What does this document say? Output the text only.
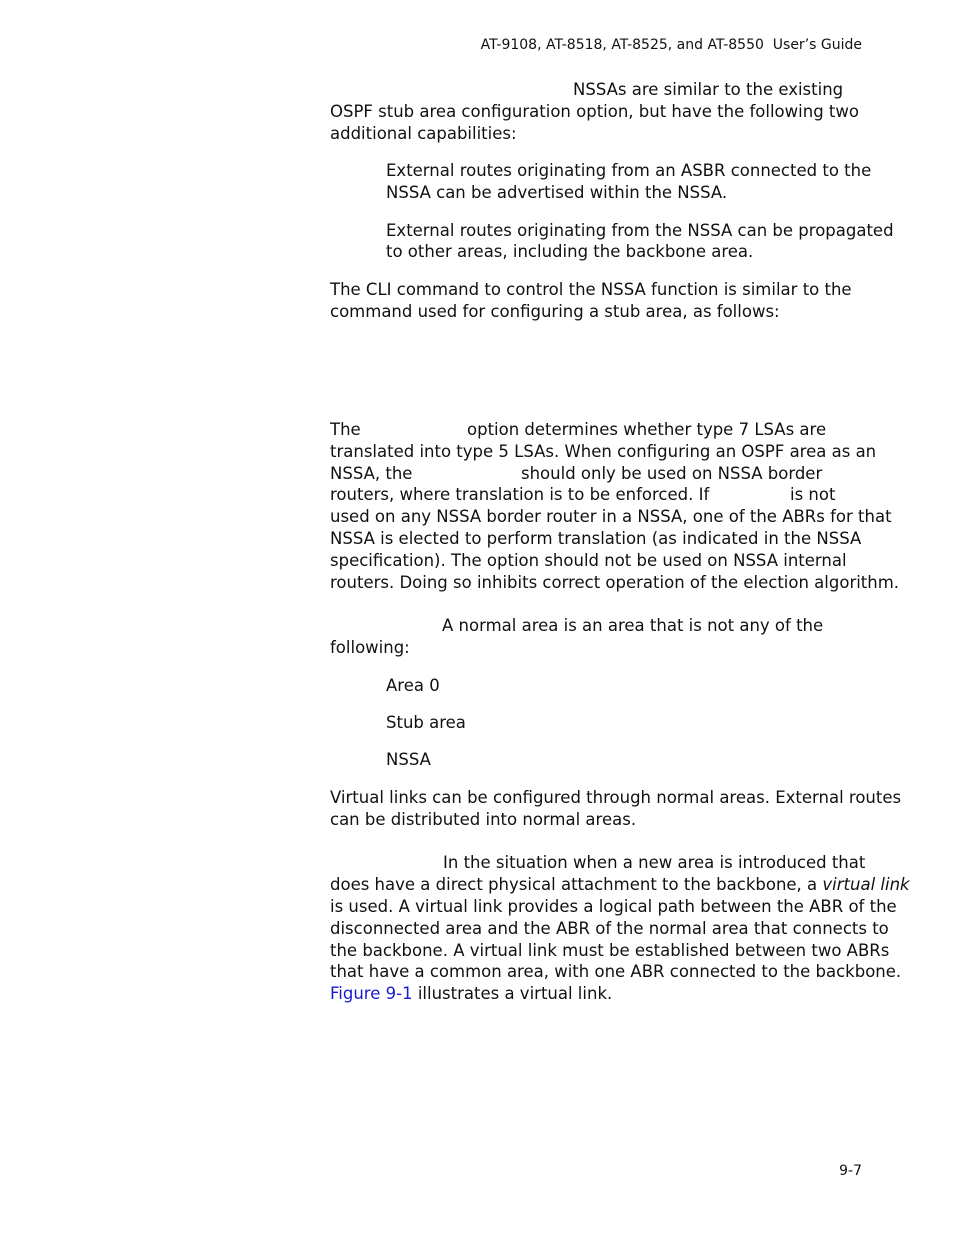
AT-9108, AT-8518, AT-8525, and AT-8550  User’s Guide
NSSAs are similar to the existing
OSPF stub area configuration option, but have the following two
additional capabilities:
External routes originating from an ASBR connected to the
NSSA can be advertised within the NSSA.
External routes originating from the NSSA can be propagated
to other areas, including the backbone area.
The CLI command to control the NSSA function is similar to the
command used for configuring a stub area, as follows:
The	option determines whether type 7 LSAs are
translated into type 5 LSAs. When configuring an OSPF area as an
NSSA, the	should only be used on NSSA border
routers, where translation is to be enforced. If	is not
used on any NSSA border router in a NSSA, one of the ABRs for that
NSSA is elected to perform translation (as indicated in the NSSA
specification). The option should not be used on NSSA internal
routers. Doing so inhibits correct operation of the election algorithm.
A normal area is an area that is not any of the
following:
Area 0
Stub area
NSSA
Virtual links can be configured through normal areas. External routes
can be distributed into normal areas.
In the situation when a new area is introduced that
does have a direct physical attachment to the backbone, a virtual link
is used. A virtual link provides a logical path between the ABR of the
disconnected area and the ABR of the normal area that connects to
the backbone. A virtual link must be established between two ABRs
that have a common area, with one ABR connected to the backbone.
Figure 9-1 illustrates a virtual link.
9-7
